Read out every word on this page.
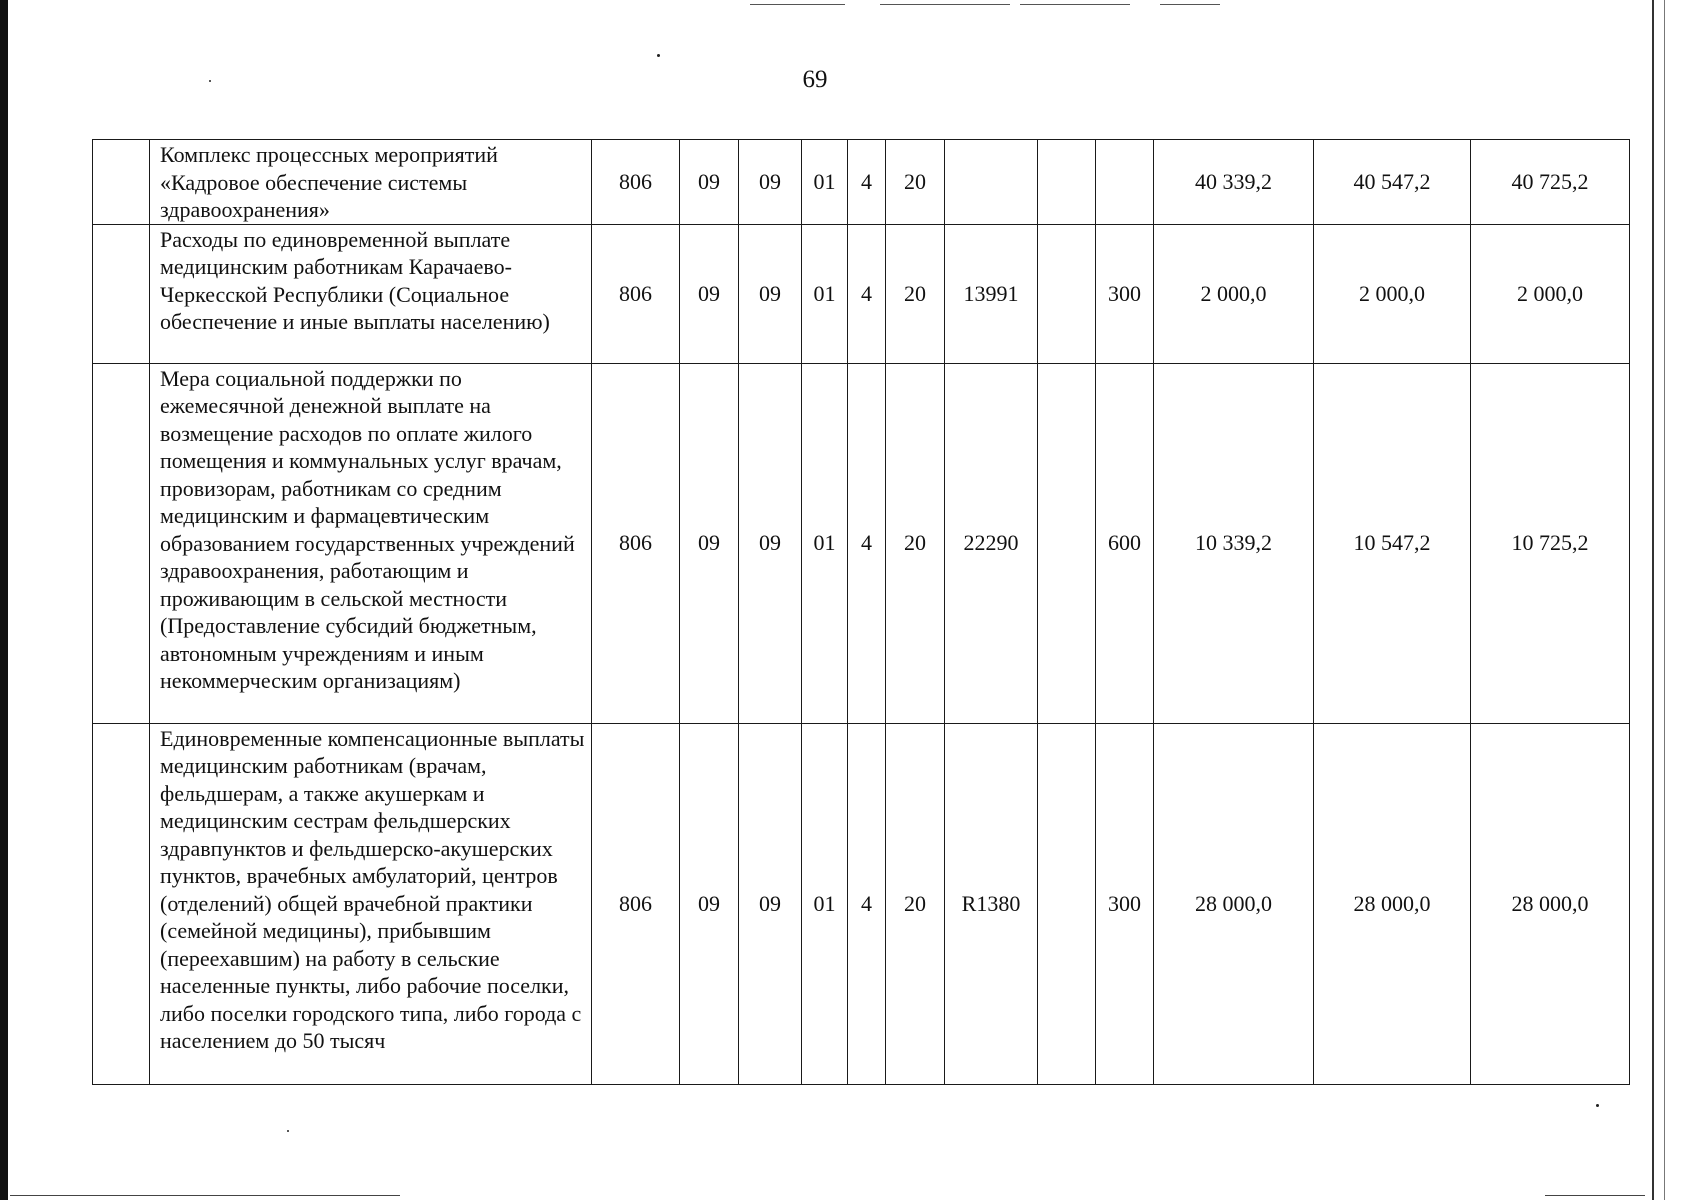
69
	Комплекс процессных мероприятий «Кадровое обеспечение системы здравоохранения»	806	09	09	01	4	20				40 339,2	40 547,2	40 725,2
	Расходы по единовременной выплате медицинским работникам Карачаево-Черкесской Республики (Социальное обеспечение и иные выплаты населению)	806	09	09	01	4	20	13991		300	2 000,0	2 000,0	2 000,0
	Мера социальной поддержки по ежемесячной денежной выплате на возмещение расходов по оплате жилого помещения и коммунальных услуг врачам, провизорам, работникам со средним медицинским и фармацевтическим образованием государственных учреждений здравоохранения, работающим и проживающим в сельской местности (Предоставление субсидий бюджетным, автономным учреждениям и иным некоммерческим организациям)	806	09	09	01	4	20	22290		600	10 339,2	10 547,2	10 725,2
	Единовременные компенсационные выплаты медицинским работникам (врачам, фельдшерам, а также акушеркам и медицинским сестрам фельдшерских здравпунктов и фельдшерско-акушерских пунктов, врачебных амбулаторий, центров (отделений) общей врачебной практики (семейной медицины), прибывшим (переехавшим) на работу в сельские населенные пункты, либо рабочие поселки, либо поселки городского типа, либо города с населением до 50 тысяч	806	09	09	01	4	20	R1380		300	28 000,0	28 000,0	28 000,0
